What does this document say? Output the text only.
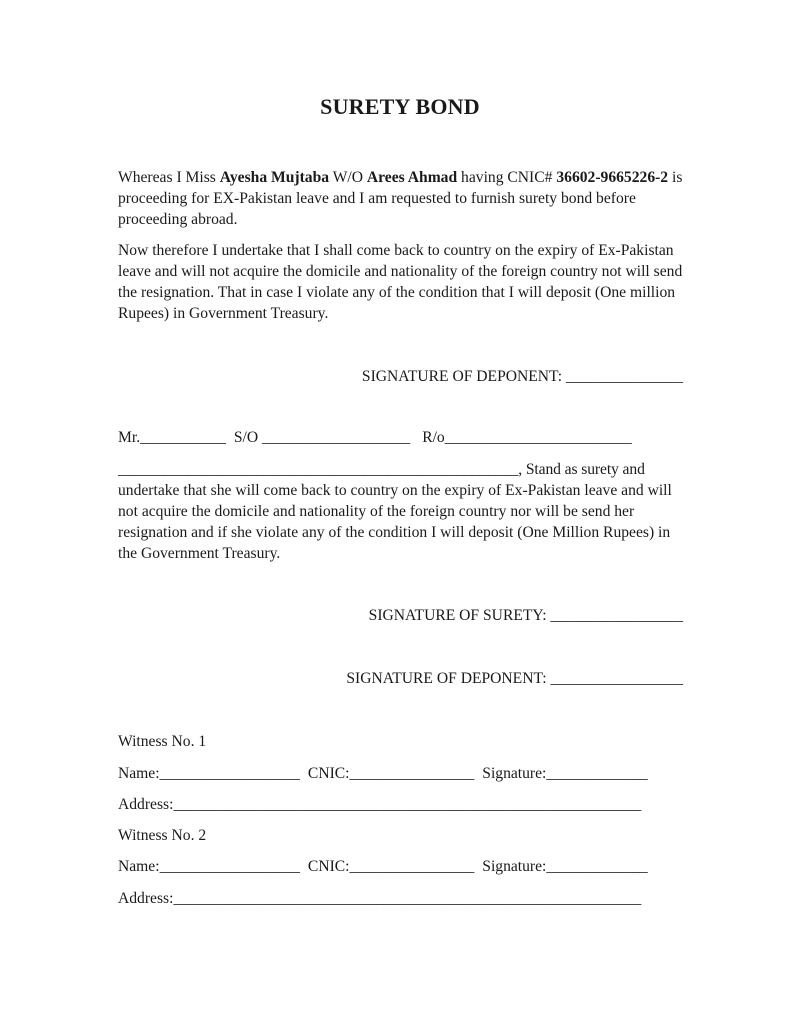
SURETY BOND
Whereas I Miss Ayesha Mujtaba W/O Arees Ahmad having CNIC# 36602-9665226-2 is proceeding for EX-Pakistan leave and I am requested to furnish surety bond before proceeding abroad.
Now therefore I undertake that I shall come back to country on the expiry of Ex-Pakistan leave and will not acquire the domicile and nationality of the foreign country not will send the resignation. That in case I violate any of the condition that I will deposit (One million Rupees) in Government Treasury.
SIGNATURE OF DEPONENT: _______________
Mr.___________ S/O ___________________ R/o________________________
____________________________________________________, Stand as surety and
undertake that she will come back to country on the expiry of Ex-Pakistan leave and will not acquire the domicile and nationality of the foreign country nor will be send her resignation and if she violate any of the condition I will deposit (One Million Rupees) in the Government Treasury.
SIGNATURE OF SURETY: _________________
SIGNATURE OF DEPONENT: _________________
Witness No. 1
Name:__________________ CNIC:________________ Signature:_____________
Address:____________________________________________________________
Witness No. 2
Name:__________________ CNIC:________________ Signature:_____________
Address:____________________________________________________________
